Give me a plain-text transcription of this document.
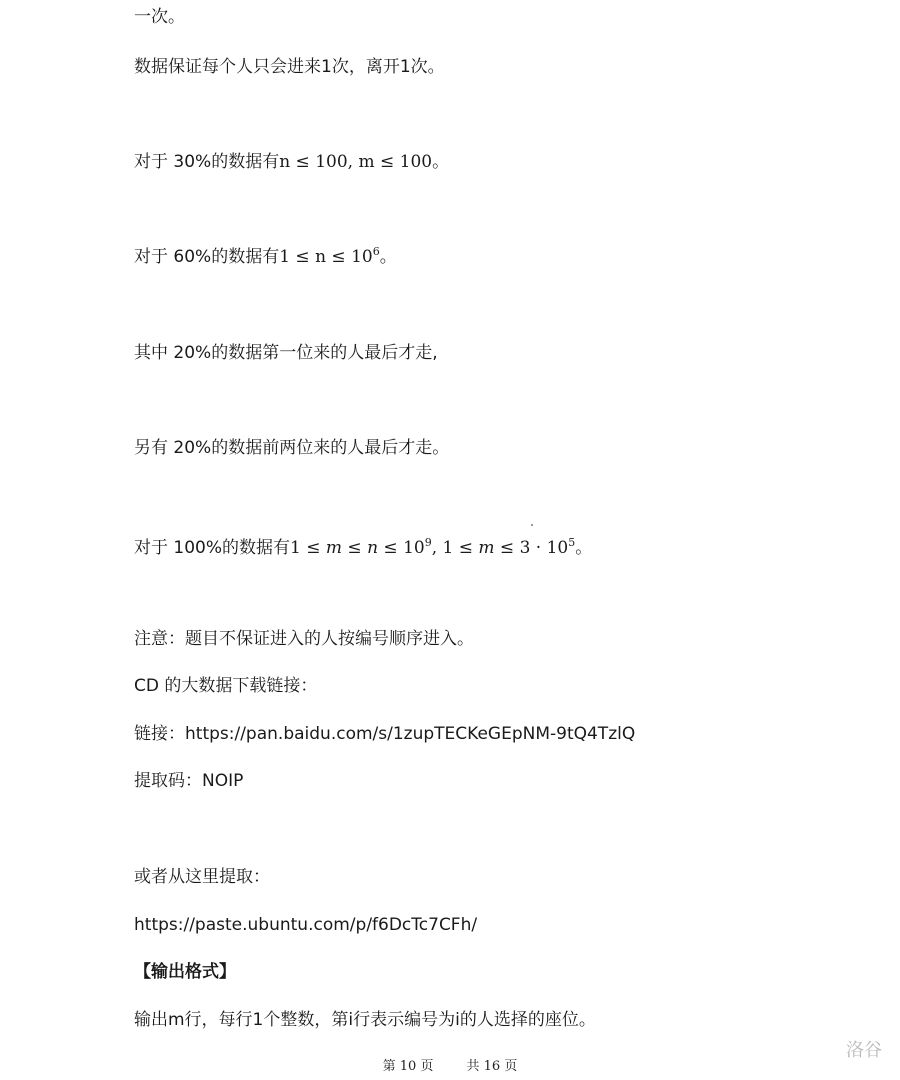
一次。
数据保证每个人只会进来1次，离开1次。
对于 30%的数据有n ≤ 100, m ≤ 100。
对于 60%的数据有$1 \le n \le 10^6$。
其中 20%的数据第一位来的人最后才走,
另有 20%的数据前两位来的人最后才走。
对于 100%的数据有$1 \le m \le n \le 10^9$, $1 \le m \le 3 \cdot 10^5$。
注意：题目不保证进入的人按编号顺序进入。
CD 的大数据下载链接：
链接：https://pan.baidu.com/s/1zupTECKeGEpNM-9tQ4TzlQ
提取码：NOIP
或者从这里提取：
https://paste.ubuntu.com/p/f6DcTc7CFh/
【输出格式】
输出m行，每行1个整数，第i行表示编号为i的人选择的座位。
第 10 页        共 16 页
洛谷
